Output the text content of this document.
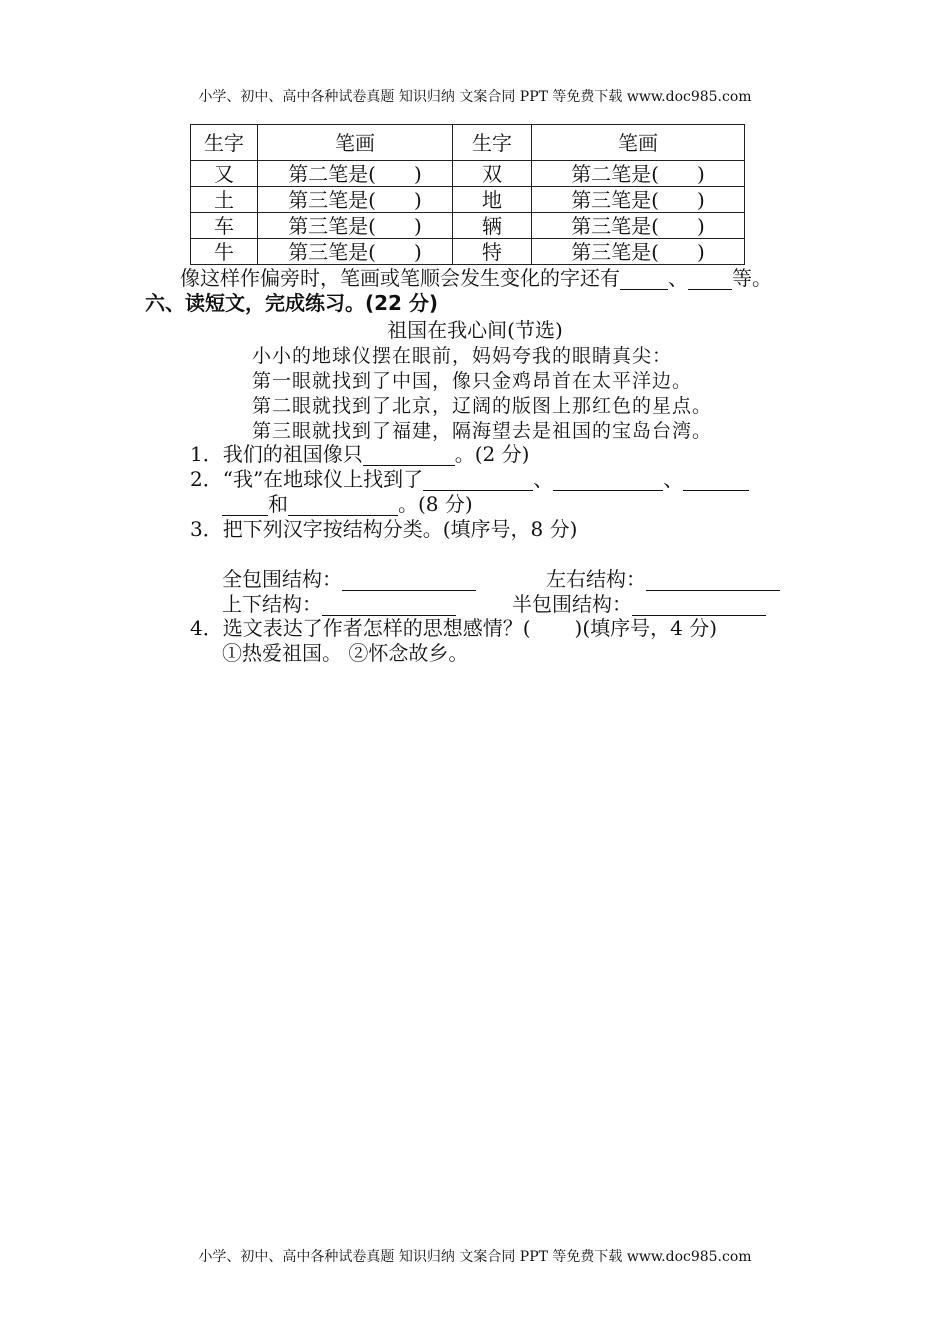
小学、初中、高中各种试卷真题 知识归纳 文案合同 PPT 等免费下载 www.doc985.com
生字	笔画	生字	笔画
又	第二笔是( )	双	第二笔是( )
土	第三笔是( )	地	第三笔是( )
车	第三笔是( )	辆	第三笔是( )
牛	第三笔是( )	特	第三笔是( )
像这样作偏旁时，笔画或笔顺会发生变化的字还有 、 等。
六、读短文，完成练习。(22 分)
祖国在我心间(节选)
小小的地球仪摆在眼前，妈妈夸我的眼睛真尖：
第一眼就找到了中国，像只金鸡昂首在太平洋边。
第二眼就找到了北京，辽阔的版图上那红色的星点。
第三眼就找到了福建，隔海望去是祖国的宝岛台湾。
1．我们的祖国像只	。(2 分)
2．“我”在地球仪上找到了	、	、
和	。(8 分)
3．把下列汉字按结构分类。(填序号，8 分)
全包围结构：	左右结构：
上下结构：	半包围结构：
4．选文表达了作者怎样的思想感情？( )(填序号，4 分)
①热爱祖国。 ②怀念故乡。
小学、初中、高中各种试卷真题 知识归纳 文案合同 PPT 等免费下载 www.doc985.com
